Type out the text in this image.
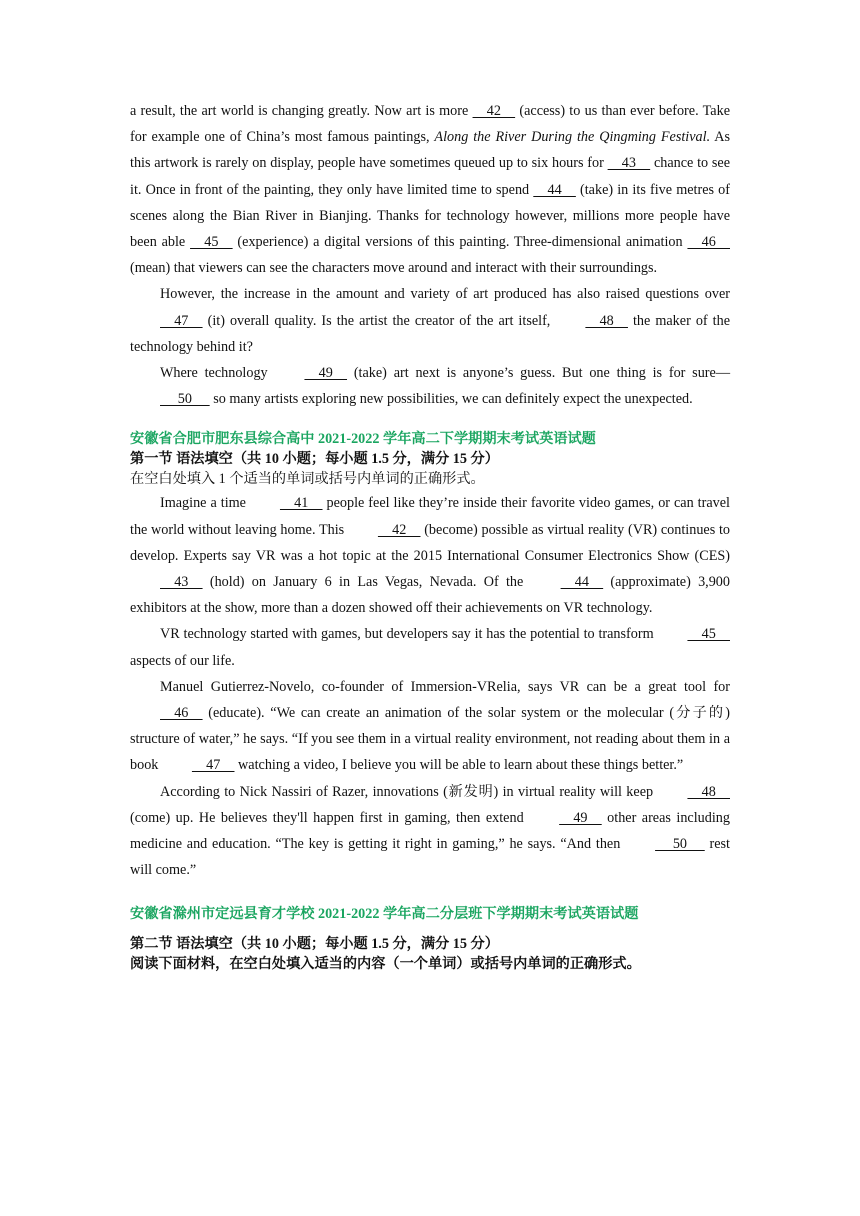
a result, the art world is changing greatly. Now art is more     42     (access) to us than ever before. Take for example one of China’s most famous paintings, Along the River During the Qingming Festival. As this artwork is rarely on display, people have sometimes queued up to six hours for     43     chance to see it. Once in front of the painting, they only have limited time to spend     44     (take) in its five metres of scenes along the Bian River in Bianjing. Thanks for technology however, millions more people have been able     45     (experience) a digital versions of this painting. Three-dimensional animation     46     (mean) that viewers can see the characters move around and interact with their surroundings.

However, the increase in the amount and variety of art produced has also raised questions over     47     (it) overall quality. Is the artist the creator of the art itself,     48     the maker of the technology behind it?

Where technology     49     (take) art next is anyone’s guess. But one thing is for sure—     50      so many artists exploring new possibilities, we can definitely expect the unexpected.

安徽省合肥市肥东县综合高中 2021-2022 学年高二下学期期末考试英语试题
第一节 语法填空（共 10 小题；每小题 1.5 分，满分 15 分）
在空白处填入 1 个适当的单词或括号内单词的正确形式。

Imagine a time     41     people feel like they’re inside their favorite video games, or can travel the world without leaving home. This     42     (become) possible as virtual reality (VR) continues to develop. Experts say VR was a hot topic at the 2015 International Consumer Electronics Show (CES)     43     (hold) on January 6 in Las Vegas, Nevada. Of the     44     (approximate) 3,900 exhibitors at the show, more than a dozen showed off their achievements on VR technology.

VR technology started with games, but developers say it has the potential to transform     45     aspects of our life.

Manuel Gutierrez-Novelo, co-founder of Immersion-VRelia, says VR can be a great tool for     46     (educate). “We can create an animation of the solar system or the molecular (分子的) structure of water,” he says. “If you see them in a virtual reality environment, not reading about them in a book     47     watching a video, I believe you will be able to learn about these things better.”

According to Nick Nassiri of Razer, innovations (新发明) in virtual reality will keep     48     (come) up. He believes they'll happen first in gaming, then extend     49     other areas including medicine and education. “The key is getting it right in gaming,” he says. “And then      50      rest will come.”

安徽省滁州市定远县育才学校 2021-2022 学年高二分层班下学期期末考试英语试题
第二节 语法填空（共 10 小题；每小题 1.5 分，满分 15 分）
阅读下面材料，在空白处填入适当的内容（一个单词）或括号内单词的正确形式。
